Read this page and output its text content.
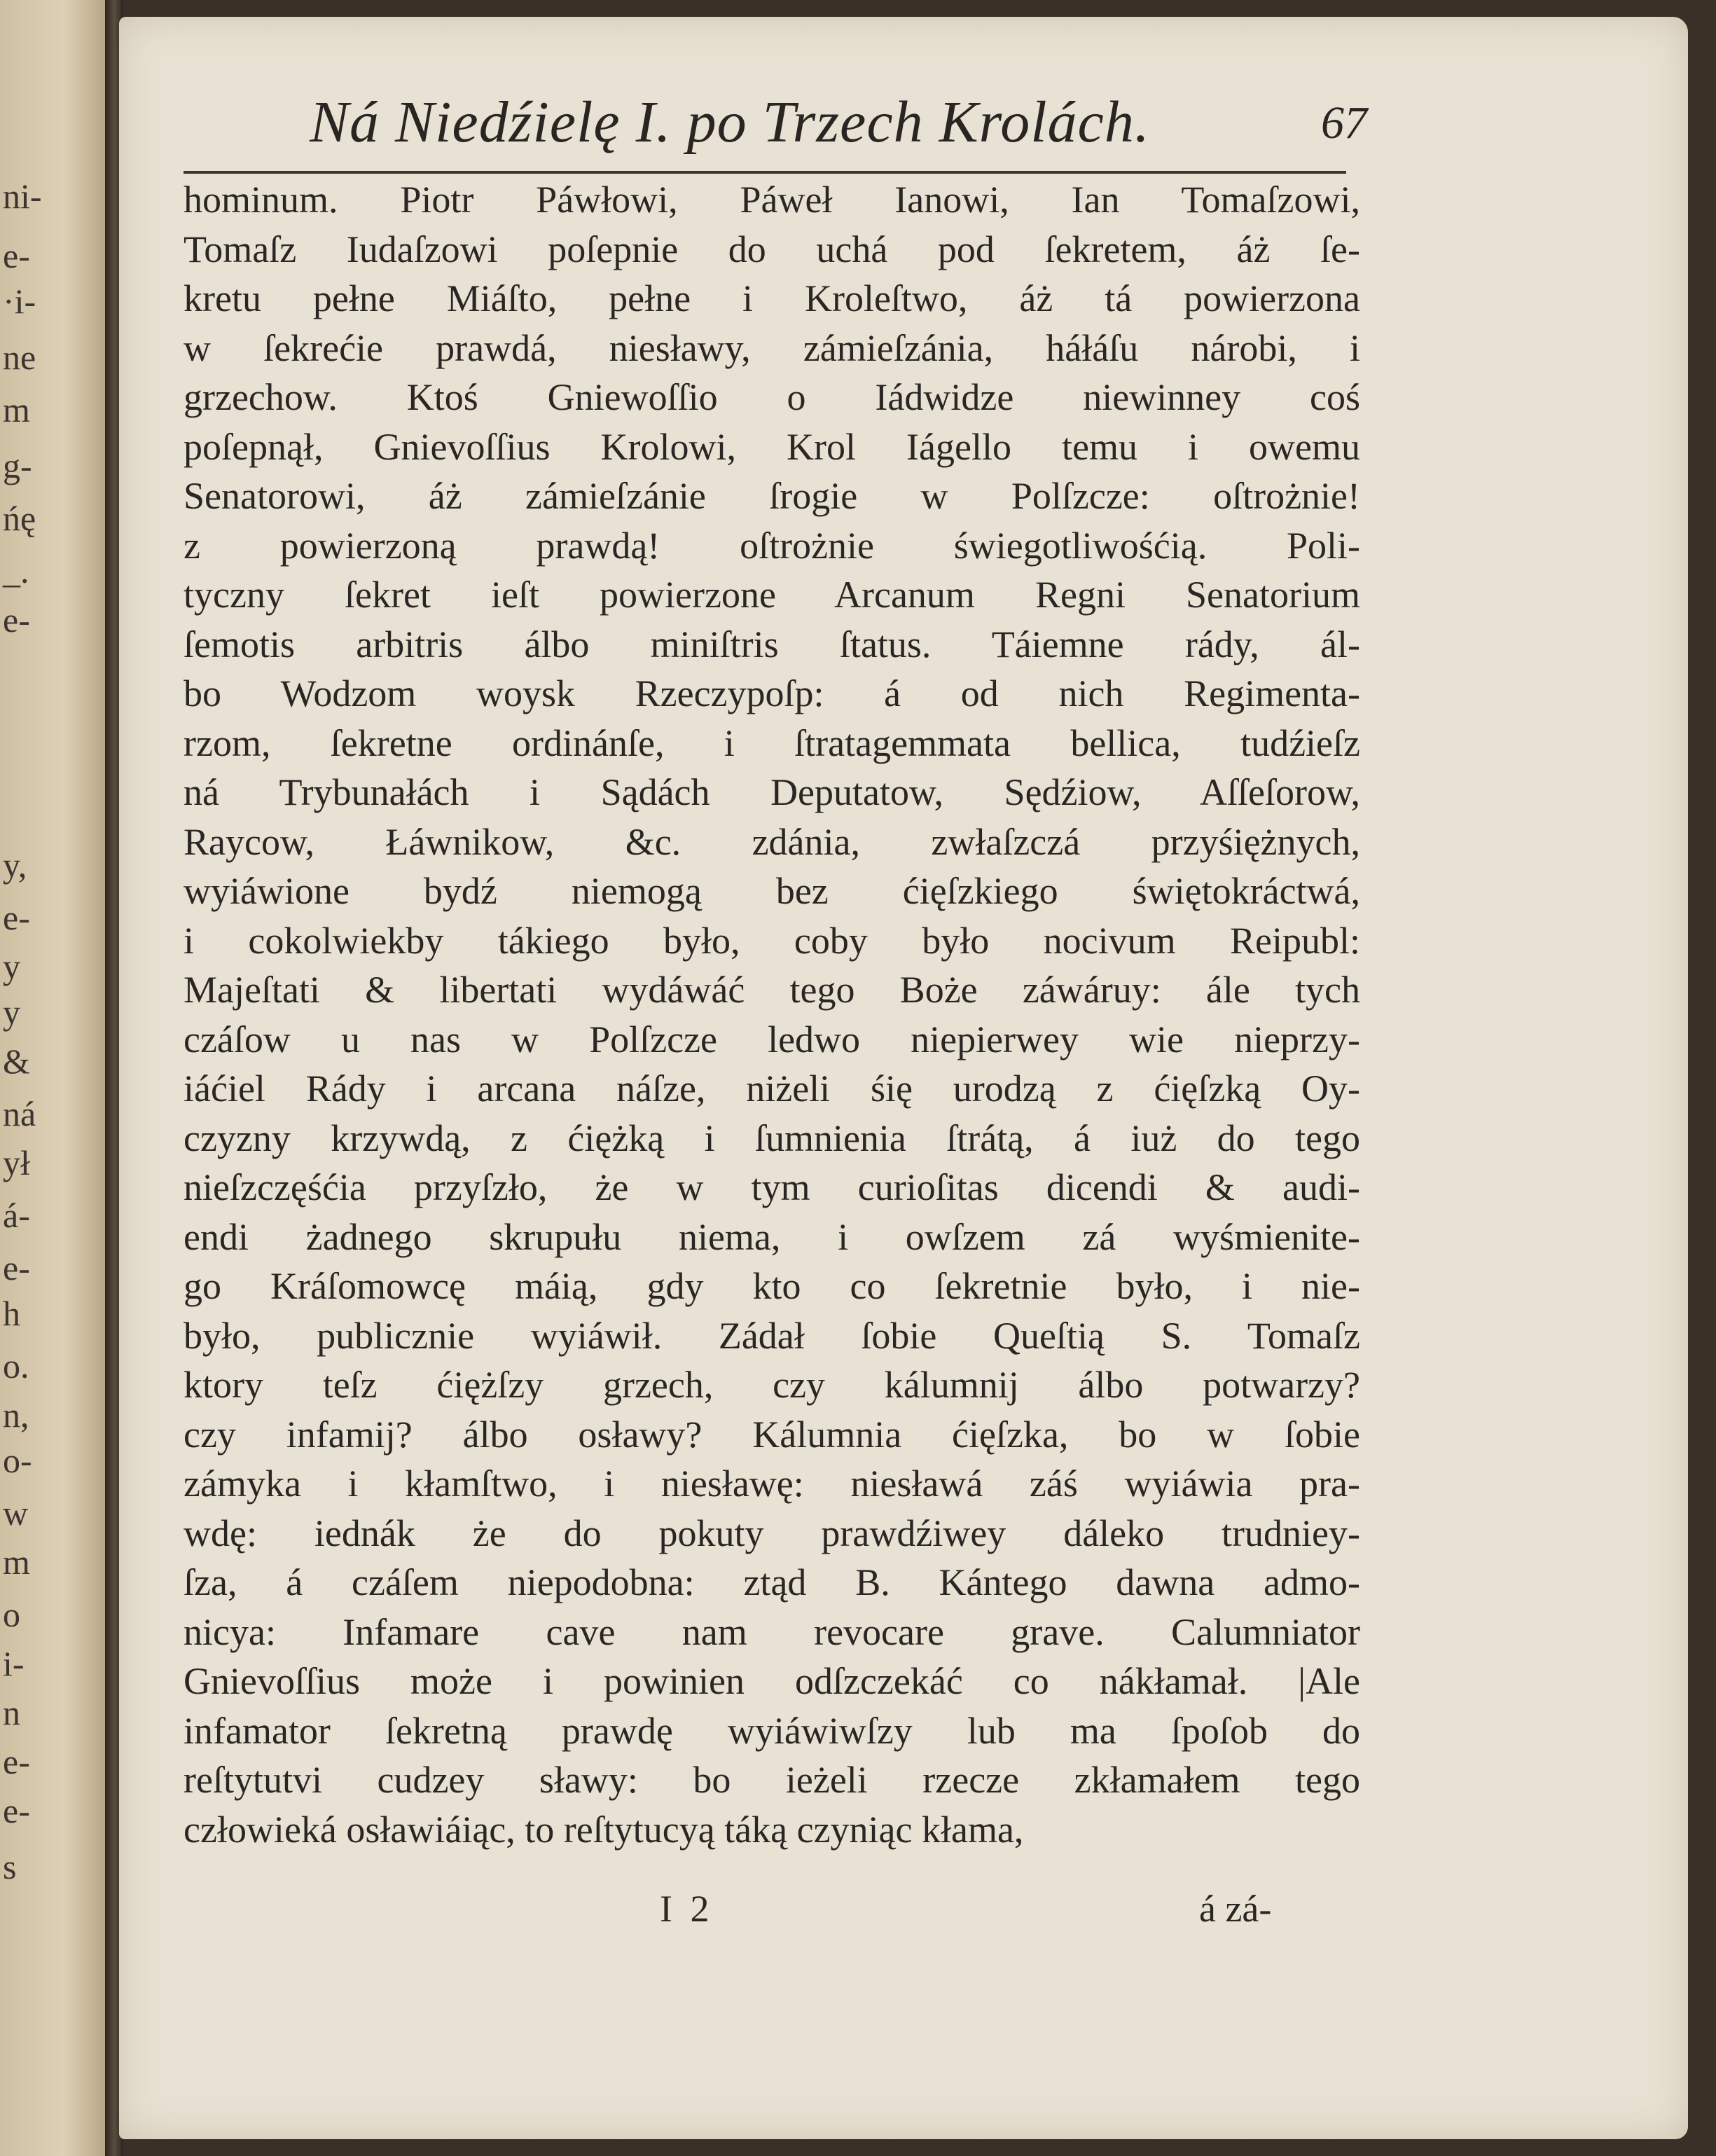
ni-
e-
·i-
ne
m
g-
ńę
_.
e-
y,
e-
y
y
&
ná
ył
á-
e-
h
o.
n,
o-
w
m
o
i-
n
e-
e-
s
Ná Niedźielę I. po Trzech Krolách.	67
hominum. Piotr Páwłowi, Páweł Ianowi, Ian Tomaſzowi,
Tomaſz Iudaſzowi poſepnie do uchá pod ſekretem, áż ſe-
kretu pełne Miáſto, pełne i Kroleſtwo, áż tá powierzona
w ſekrećie prawdá, niesławy, zámieſzánia, háłáſu nárobi, i
grzechow. Ktoś Gniewoſſio o Iádwidze niewinney coś
poſepnął, Gnievoſſius Krolowi, Krol Iágello temu i owemu
Senatorowi, áż zámieſzánie ſrogie w Polſzcze: oſtrożnie!
z powierzoną prawdą! oſtrożnie świegotliwośćią. Poli-
tyczny ſekret ieſt powierzone Arcanum Regni Senatorium
ſemotis arbitris álbo miniſtris ſtatus. Táiemne rády, ál-
bo Wodzom woysk Rzeczypoſp: á od nich Regimenta-
rzom, ſekretne ordinánſe, i ſtratagemmata bellica, tudźieſz
ná Trybunałách i Sądách Deputatow, Sędźiow, Aſſeſorow,
Raycow, Łáwnikow, &c. zdánia, zwłaſzczá przyśiężnych,
wyiáwione bydź niemogą bez ćięſzkiego świętokráctwá,
i cokolwiekby tákiego było, coby było nocivum Reipubl:
Majeſtati & libertati wydáwáć tego Boże záwáruy: ále tych
czáſow u nas w Polſzcze ledwo niepierwey wie nieprzy-
iáćiel Rády i arcana náſze, niżeli śię urodzą z ćięſzką Oy-
czyzny krzywdą, z ćiężką i ſumnienia ſtrátą, á iuż do tego
nieſzczęśćia przyſzło, że w tym curioſitas dicendi & audi-
endi żadnego skrupułu niema, i owſzem zá wyśmienite-
go Kráſomowcę máią, gdy kto co ſekretnie było, i nie-
było, publicznie wyiáwił. Zádał ſobie Queſtią S. Tomaſz
ktory teſz ćiężſzy grzech, czy kálumnij álbo potwarzy?
czy infamij? álbo osławy? Kálumnia ćięſzka, bo w ſobie
zámyka i kłamſtwo, i niesławę: niesławá záś wyiáwia pra-
wdę: iednák że do pokuty prawdźiwey dáleko trudniey-
ſza, á czáſem niepodobna: ztąd B. Kántego dawna admo-
nicya: Infamare cave nam revocare grave. Calumniator
Gnievoſſius może i powinien odſzczekáć co nákłamał. |Ale
infamator ſekretną prawdę wyiáwiwſzy lub ma ſpoſob do
reſtytutvi cudzey sławy: bo ieżeli rzecze zkłamałem tego
człowieká osławiáiąc, to reſtytucyą táką czyniąc kłama,
I 2	á zá-
